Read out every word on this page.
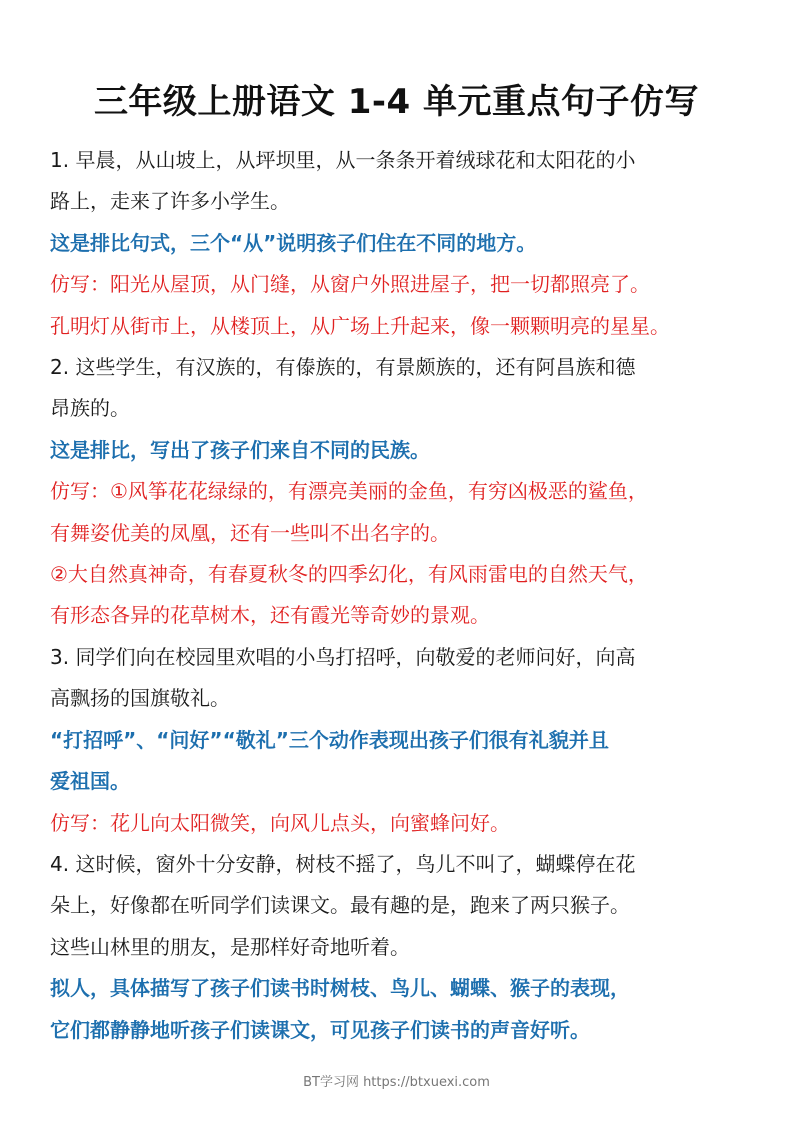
三年级上册语文 1-4 单元重点句子仿写
1. 早晨，从山坡上，从坪坝里，从一条条开着绒球花和太阳花的小
路上，走来了许多小学生。
这是排比句式，三个“从”说明孩子们住在不同的地方。
仿写：阳光从屋顶，从门缝，从窗户外照进屋子，把一切都照亮了。
孔明灯从街市上，从楼顶上，从广场上升起来，像一颗颗明亮的星星。
2. 这些学生，有汉族的，有傣族的，有景颇族的，还有阿昌族和德
昂族的。
这是排比，写出了孩子们来自不同的民族。
仿写：①风筝花花绿绿的，有漂亮美丽的金鱼，有穷凶极恶的鲨鱼，
有舞姿优美的凤凰，还有一些叫不出名字的。
②大自然真神奇，有春夏秋冬的四季幻化，有风雨雷电的自然天气，
有形态各异的花草树木，还有霞光等奇妙的景观。
3. 同学们向在校园里欢唱的小鸟打招呼，向敬爱的老师问好，向高
高飘扬的国旗敬礼。
“打招呼”、“问好”“敬礼”三个动作表现出孩子们很有礼貌并且
爱祖国。
仿写：花儿向太阳微笑，向风儿点头，向蜜蜂问好。
4. 这时候，窗外十分安静，树枝不摇了，鸟儿不叫了，蝴蝶停在花
朵上，好像都在听同学们读课文。最有趣的是，跑来了两只猴子。
这些山林里的朋友，是那样好奇地听着。
拟人，具体描写了孩子们读书时树枝、鸟儿、蝴蝶、猴子的表现，
它们都静静地听孩子们读课文，可见孩子们读书的声音好听。
BT学习网 https://btxuexi.com
